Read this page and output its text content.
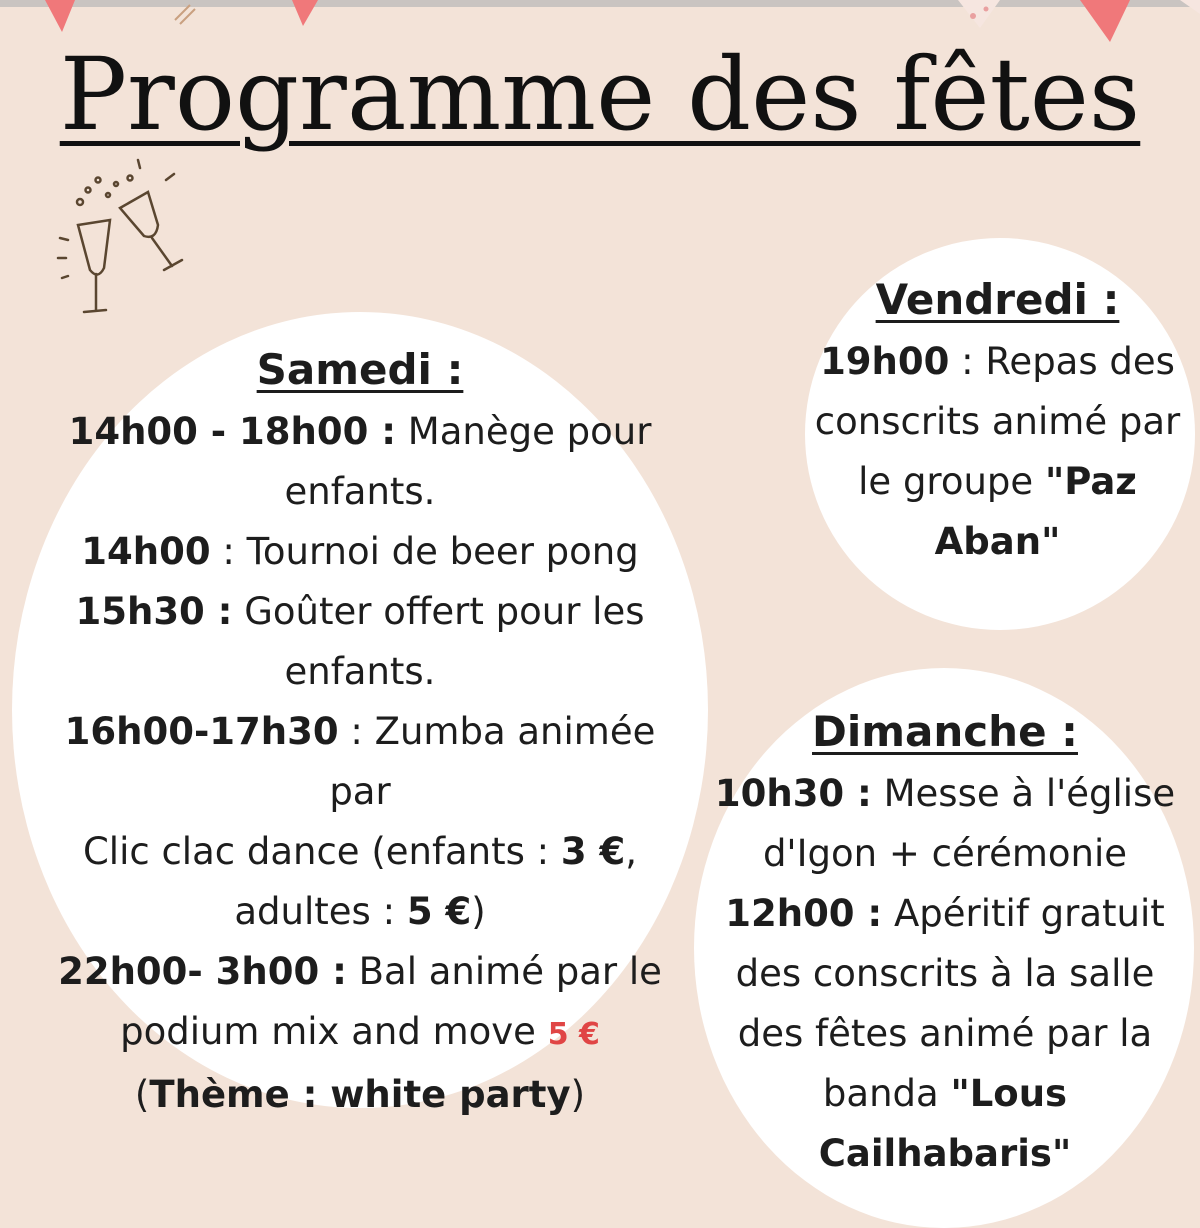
Programme des fêtes

Vendredi :

19h00 : Repas des
conscrits animé par
le groupe "Paz
Aban"

Samedi :

14h00 - 18h00 : Manège pour
enfants.

14h00 : Tournoi de beer pong

15h30 : Goûter offert pour les
enfants.

16h00-17h30 : Zumba animée par
Clic clac dance (enfants : 3 €,
adultes : 5 €)

22h00- 3h00 : Bal animé par le
podium mix and move 5 €
(Thème : white party)

Dimanche :

10h30 : Messe à l'église
d'Igon + cérémonie

12h00 : Apéritif gratuit
des conscrits à la salle
des fêtes animé par la
banda "Lous
Cailhabaris"
